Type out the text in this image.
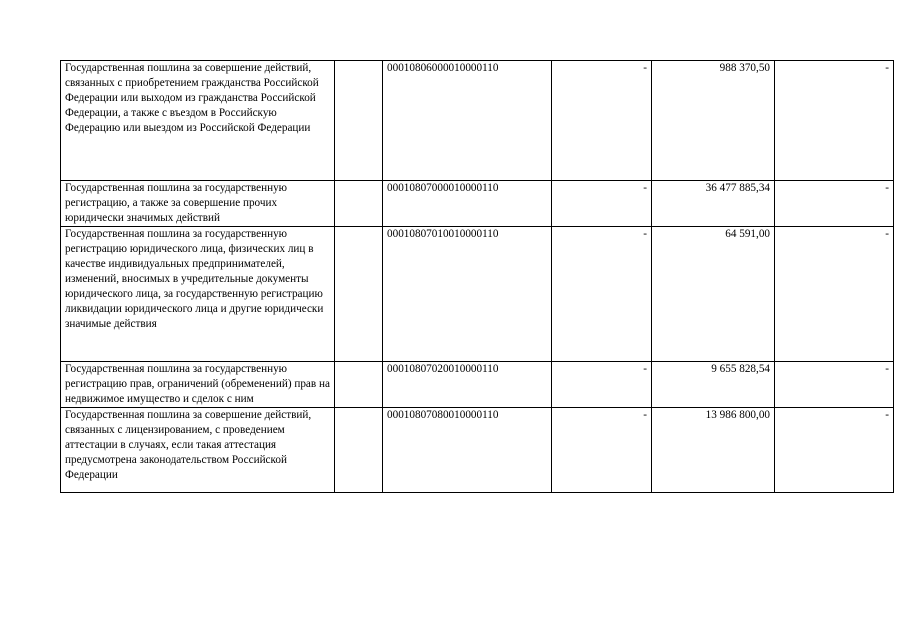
Государственная пошлина за совершение действий, связанных с приобретением гражданства Российской Федерации или выходом из гражданства Российской Федерации, а также с въездом в Российскую Федерацию или выездом из Российской Федерации		00010806000010000110	-	988 370,50	-
Государственная пошлина за государственную регистрацию, а также за совершение прочих юридически значимых действий		00010807000010000110	-	36 477 885,34	-
Государственная пошлина за государственную регистрацию юридического лица, физических лиц в качестве индивидуальных предпринимателей, изменений, вносимых в учредительные документы юридического лица, за государственную регистрацию ликвидации юридического лица и другие юридически значимые действия		00010807010010000110	-	64 591,00	-
Государственная пошлина за государственную регистрацию прав, ограничений (обременений) прав на недвижимое имущество и сделок с ним		00010807020010000110	-	9 655 828,54	-
Государственная пошлина за совершение действий, связанных с лицензированием, с проведением аттестации в случаях, если такая аттестация предусмотрена законодательством Российской Федерации		00010807080010000110	-	13 986 800,00	-
